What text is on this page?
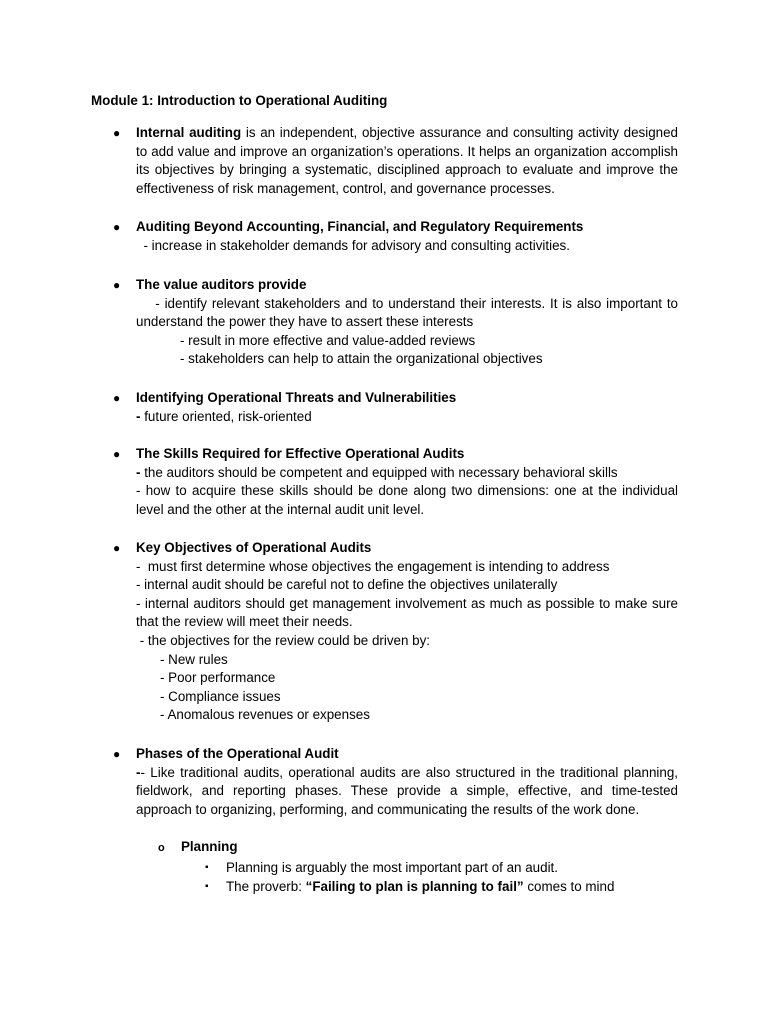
Module 1: Introduction to Operational Auditing
● Internal auditing is an independent, objective assurance and consulting activity designed to add value and improve an organization’s operations. It helps an organization accomplish its objectives by bringing a systematic, disciplined approach to evaluate and improve the effectiveness of risk management, control, and governance processes.
● Auditing Beyond Accounting, Financial, and Regulatory Requirements
- increase in stakeholder demands for advisory and consulting activities.
● The value auditors provide
- identify relevant stakeholders and to understand their interests. It is also important to understand the power they have to assert these interests
- result in more effective and value-added reviews
- stakeholders can help to attain the organizational objectives
● Identifying Operational Threats and Vulnerabilities
- future oriented, risk-oriented
● The Skills Required for Effective Operational Audits
- the auditors should be competent and equipped with necessary behavioral skills
- how to acquire these skills should be done along two dimensions: one at the individual level and the other at the internal audit unit level.
● Key Objectives of Operational Audits
-  must first determine whose objectives the engagement is intending to address
- internal audit should be careful not to define the objectives unilaterally
- internal auditors should get management involvement as much as possible to make sure that the review will meet their needs.
- the objectives for the review could be driven by:
- New rules
- Poor performance
- Compliance issues
- Anomalous revenues or expenses
● Phases of the Operational Audit
-- Like traditional audits, operational audits are also structured in the traditional planning, fieldwork, and reporting phases. These provide a simple, effective, and time-tested approach to organizing, performing, and communicating the results of the work done.
o	Planning
▪ Planning is arguably the most important part of an audit.
▪ The proverb: “Failing to plan is planning to fail” comes to mind
